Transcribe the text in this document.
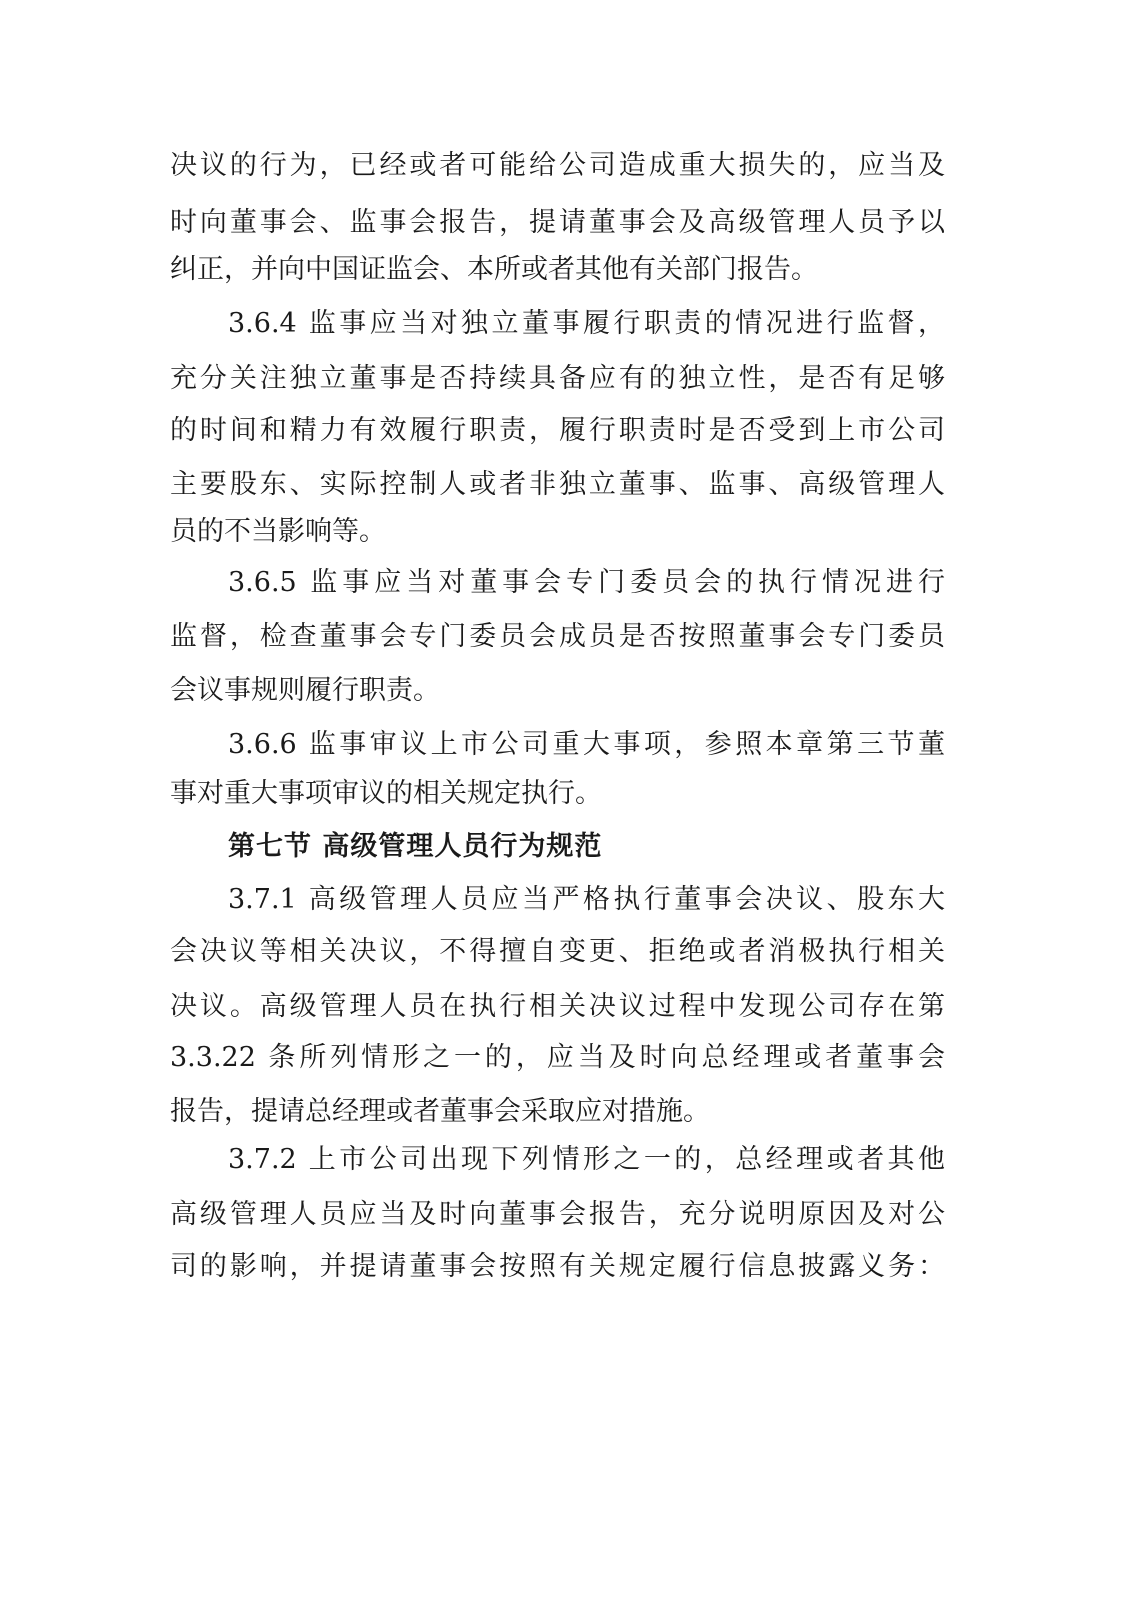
决议的行为，已经或者可能给公司造成重大损失的，应当及
时向董事会、监事会报告，提请董事会及高级管理人员予以
纠正，并向中国证监会、本所或者其他有关部门报告。
3.6.4 监事应当对独立董事履行职责的情况进行监督，
充分关注独立董事是否持续具备应有的独立性，是否有足够
的时间和精力有效履行职责，履行职责时是否受到上市公司
主要股东、实际控制人或者非独立董事、监事、高级管理人
员的不当影响等。
3.6.5 监事应当对董事会专门委员会的执行情况进行
监督，检查董事会专门委员会成员是否按照董事会专门委员
会议事规则履行职责。
3.6.6 监事审议上市公司重大事项，参照本章第三节董
事对重大事项审议的相关规定执行。
第七节 高级管理人员行为规范
3.7.1 高级管理人员应当严格执行董事会决议、股东大
会决议等相关决议，不得擅自变更、拒绝或者消极执行相关
决议。高级管理人员在执行相关决议过程中发现公司存在第
3.3.22 条所列情形之一的，应当及时向总经理或者董事会
报告，提请总经理或者董事会采取应对措施。
3.7.2 上市公司出现下列情形之一的，总经理或者其他
高级管理人员应当及时向董事会报告，充分说明原因及对公
司的影响，并提请董事会按照有关规定履行信息披露义务：
